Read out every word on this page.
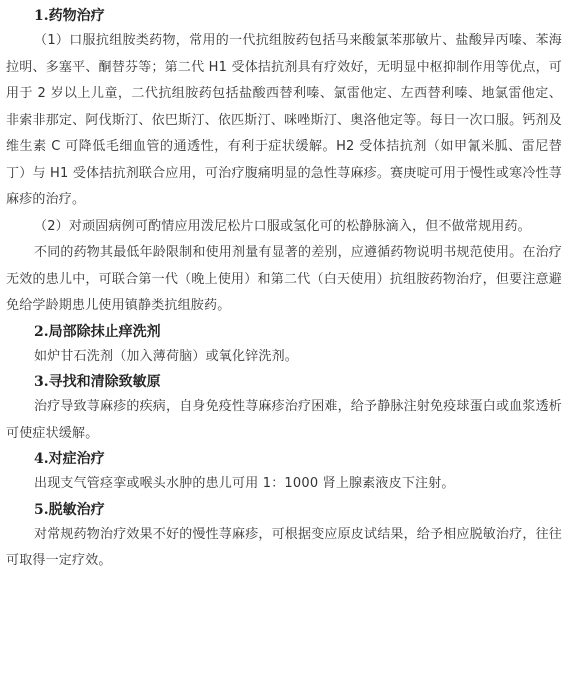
1.药物治疗

（1）口服抗组胺类药物，常用的一代抗组胺药包括马来酸氯苯那敏片、盐酸异丙嗪、苯海拉明、多塞平、酮替芬等；第二代 H1 受体拮抗剂具有疗效好，无明显中枢抑制作用等优点，可用于 2 岁以上儿童，二代抗组胺药包括盐酸西替利嗪、氯雷他定、左西替利嗪、地氯雷他定、非索非那定、阿伐斯汀、依巴斯汀、依匹斯汀、咪唑斯汀、奥洛他定等。每日一次口服。钙剂及维生素 C 可降低毛细血管的通透性，有利于症状缓解。H2 受体拮抗剂（如甲氰米胍、雷尼替丁）与 H1 受体拮抗剂联合应用，可治疗腹痛明显的急性荨麻疹。赛庚啶可用于慢性或寒冷性荨麻疹的治疗。

（2）对顽固病例可酌情应用泼尼松片口服或氢化可的松静脉滴入，但不做常规用药。

不同的药物其最低年龄限制和使用剂量有显著的差别，应遵循药物说明书规范使用。在治疗无效的患儿中，可联合第一代（晚上使用）和第二代（白天使用）抗组胺药物治疗，但要注意避免给学龄期患儿使用镇静类抗组胺药。

2.局部除抹止痒洗剂

如炉甘石洗剂（加入薄荷脑）或氧化锌洗剂。

3.寻找和清除致敏原

治疗导致荨麻疹的疾病，自身免疫性荨麻疹治疗困难，给予静脉注射免疫球蛋白或血浆透析可使症状缓解。

4.对症治疗

出现支气管痉挛或喉头水肿的患儿可用 1：1000 肾上腺素液皮下注射。

5.脱敏治疗

对常规药物治疗效果不好的慢性荨麻疹，可根据变应原皮试结果，给予相应脱敏治疗，往往可取得一定疗效。
